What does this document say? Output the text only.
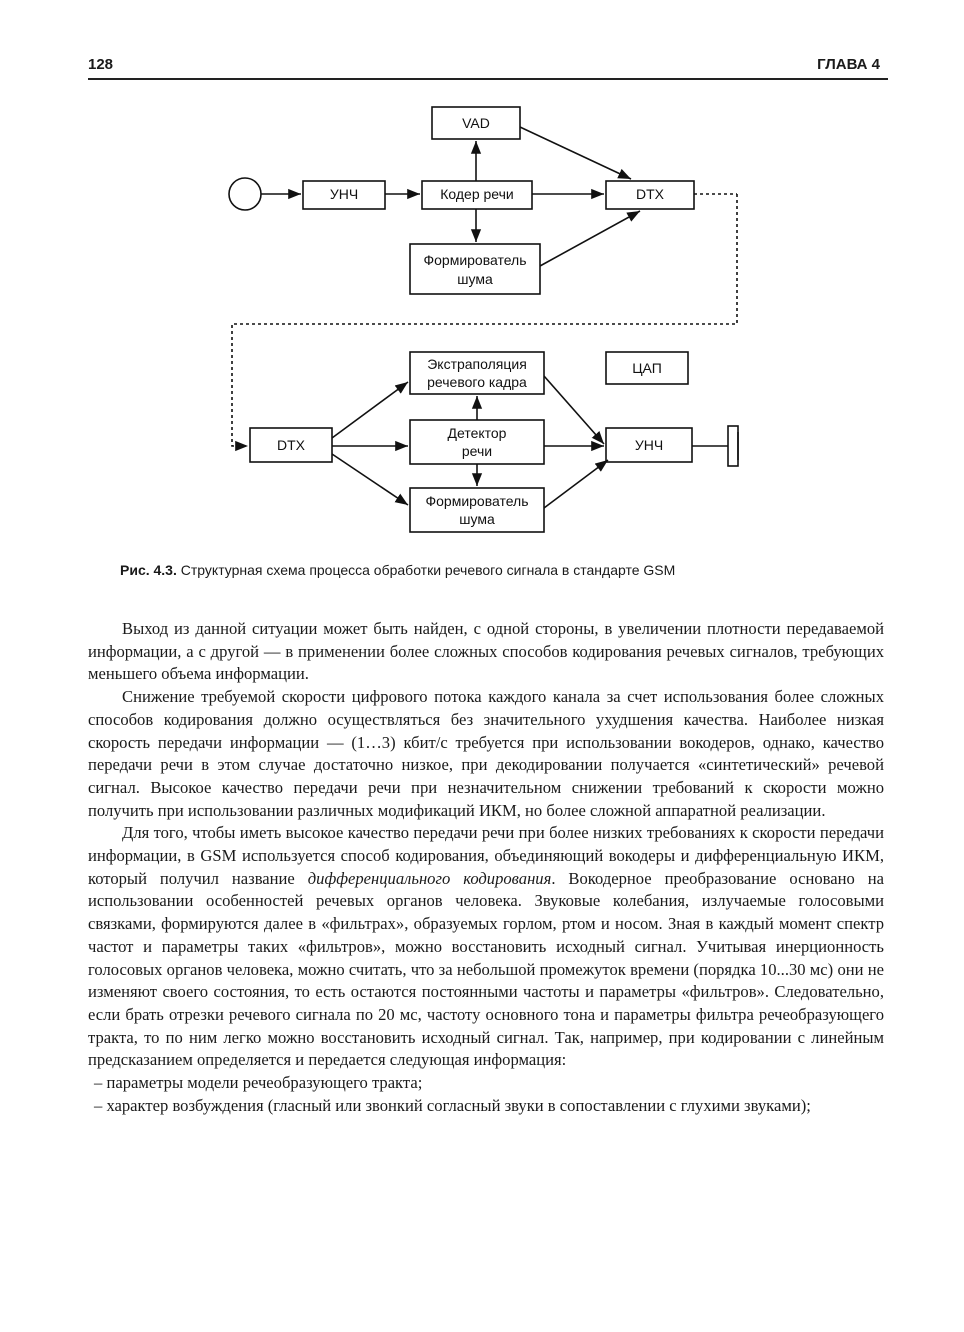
128	ГЛАВА 4
VAD
УНЧ	Кодер речи	DTX
Формирователь
шума
Экстраполяция
речевого кадра
ЦАП
DTX
Детектор
речи	УНЧ
Формирователь
шума
Рис. 4.3. Структурная схема процесса обработки речевого сигнала в стандарте GSM

Выход из данной ситуации может быть найден, с одной стороны, в увеличении плотности передаваемой информации, а с другой — в применении более сложных способов кодирования речевых сигналов, требующих меньшего объема информации.

Снижение требуемой скорости цифрового потока каждого канала за счет использования более сложных способов кодирования должно осуществляться без значительного ухудшения качества. Наиболее низкая скорость передачи информации — (1…3) кбит/с требуется при использовании вокодеров, однако, качество передачи речи в этом случае достаточно низкое, при декодировании получается «синтетический» речевой сигнал. Высокое качество передачи речи при незначительном снижении требований к скорости можно получить при использовании различных модификаций ИКМ, но более сложной аппаратной реализации.

Для того, чтобы иметь высокое качество передачи речи при более низких требованиях к скорости передачи информации, в GSM используется способ кодирования, объединяющий вокодеры и дифференциальную ИКМ, который получил название дифференциального кодирования. Вокодерное преобразование основано на использовании особенностей речевых органов человека. Звуковые колебания, излучаемые голосовыми связками, формируются далее в «фильтрах», образуемых горлом, ртом и носом. Зная в каждый момент спектр частот и параметры таких «фильтров», можно восстановить исходный сигнал. Учитывая инерционность голосовых органов человека, можно считать, что за небольшой промежуток времени (порядка 10...30 мс) они не изменяют своего состояния, то есть остаются постоянными частоты и параметры «фильтров». Следовательно, если брать отрезки речевого сигнала по 20 мс, частоту основного тона и параметры фильтра речеобразующего тракта, то по ним легко можно восстановить исходный сигнал. Так, например, при кодировании с линейным предсказанием определяется и передается следующая информация:

– параметры модели речеобразующего тракта;

– характер возбуждения (гласный или звонкий согласный звуки в сопоставлении с глухими звуками);
